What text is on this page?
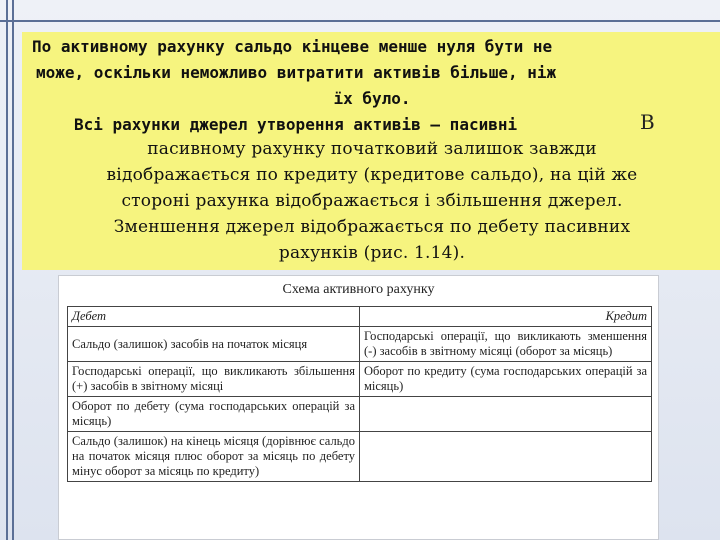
По активному рахунку сальдо кінцеве менше нуля бути не
може, оскільки неможливо витратити активів більше, ніж
їх було.
Всі рахунки джерел утворення активів – пасивні	В
пасивному рахунку початковий залишок завжди
відображається по кредиту (кредитове сальдо), на цій же
стороні рахунка відображається і збільшення джерел.
Зменшення джерел відображається по дебету пасивних
рахунків (рис. 1.14).
Схема активного рахунку
Дебет	Кредит
Сальдо (залишок) засобів на початок місяця	Господарські операції, що викликають зменшення (-) засобів в звітному місяці (оборот за місяць)
Господарські операції, що викликають збільшення (+) засобів в звітному місяці	Оборот по кредиту (сума господарських операцій за місяць)
Оборот по дебету (сума господарських операцій за місяць)	
Сальдо (залишок) на кінець місяця (дорівнює сальдо на початок місяця плюс оборот за місяць по дебету мінус оборот за місяць по кредиту)	
